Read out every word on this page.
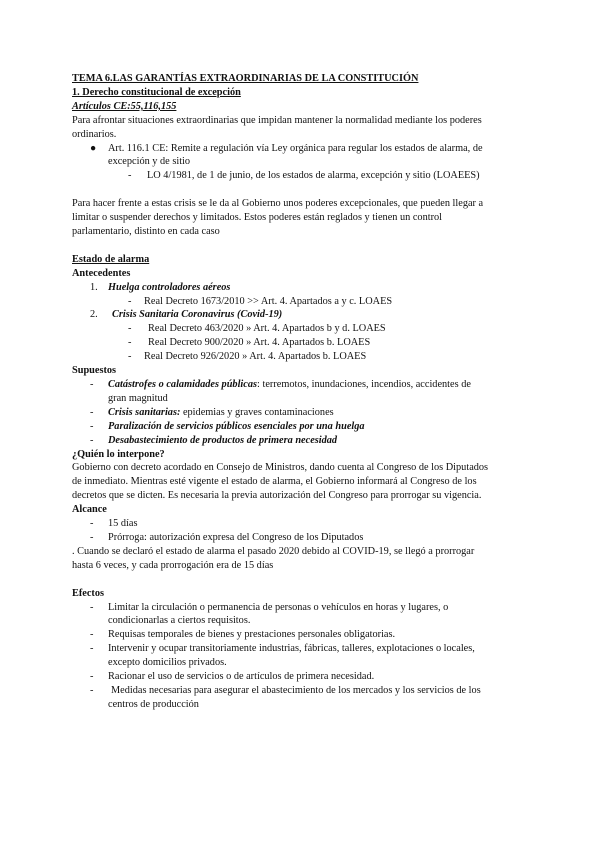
TEMA 6.LAS GARANTÍAS EXTRAORDINARIAS DE LA CONSTITUCIÓN
1. Derecho constitucional de excepción
Artículos CE:55,116,155
Para afrontar situaciones extraordinarias que impidan mantener la normalidad mediante los poderes
ordinarios.
● Art. 116.1 CE: Remite a regulación vía Ley orgánica para regular los estados de alarma, de
excepción y de sitio
- LO 4/1981, de 1 de junio, de los estados de alarma, excepción y sitio (LOAEES)
Para hacer frente a estas crisis se le da al Gobierno unos poderes excepcionales, que pueden llegar a
limitar o suspender derechos y limitados. Estos poderes están reglados y tienen un control
parlamentario, distinto en cada caso
Estado de alarma
Antecedentes
1. Huelga controladores aéreos
- Real Decreto 1673/2010 >> Art. 4. Apartados a y c. LOAES
2. Crisis Sanitaria Coronavirus (Covid-19)
- Real Decreto 463/2020 » Art. 4. Apartados b y d. LOAES
- Real Decreto 900/2020 » Art. 4. Apartados b. LOAES
- Real Decreto 926/2020 » Art. 4. Apartados b. LOAES
Supuestos
- Catástrofes o calamidades públicas: terremotos, inundaciones, incendios, accidentes de
gran magnitud
- Crisis sanitarias: epidemias y graves contaminaciones
- Paralización de servicios públicos esenciales por una huelga
- Desabastecimiento de productos de primera necesidad
¿Quién lo interpone?
Gobierno con decreto acordado en Consejo de Ministros, dando cuenta al Congreso de los Diputados
de inmediato. Mientras esté vigente el estado de alarma, el Gobierno informará al Congreso de los
decretos que se dicten. Es necesaria la previa autorización del Congreso para prorrogar su vigencia.
Alcance
- 15 días
- Prórroga: autorización expresa del Congreso de los Diputados
. Cuando se declaró el estado de alarma el pasado 2020 debido al COVID-19, se llegó a prorrogar
hasta 6 veces, y cada prorrogación era de 15 días
Efectos
- Limitar la circulación o permanencia de personas o vehículos en horas y lugares, o
condicionarlas a ciertos requisitos.
- Requisas temporales de bienes y prestaciones personales obligatorias.
- Intervenir y ocupar transitoriamente industrias, fábricas, talleres, explotaciones o locales,
excepto domicilios privados.
- Racionar el uso de servicios o de artículos de primera necesidad.
- Medidas necesarias para asegurar el abastecimiento de los mercados y los servicios de los
centros de producción
